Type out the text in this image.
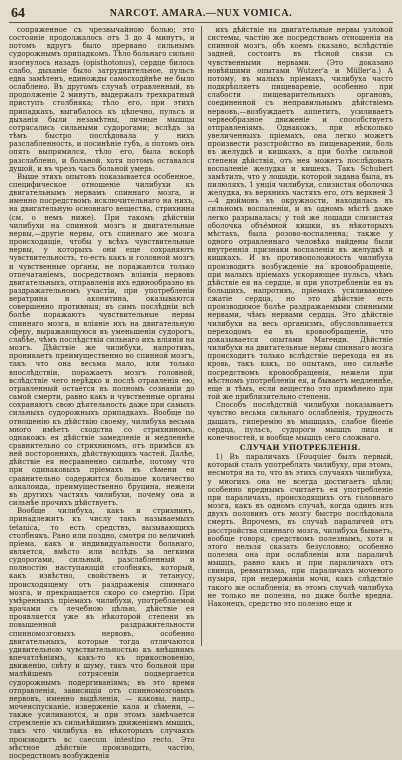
64	NARCOT. AMARA.—NUX VOMICA.

сопряженное съ чрезвычайною болью; это состояніе продолжалось отъ 3 до 4 минутъ, и потомъ вдругъ было прервано сильнымъ судорожнымъ припадкомъ. Тѣло больнаго сильно изогнулось назадъ (opisthotonus), сердце билось слабо, дыханіе было затруднительное, пульсъ едва замѣтенъ, единожды самосходйнѣе не было ослаблено. Въ другомъ случаѣ отравленный, въ продолженіе 2 минутъ, выдержалъ трехкратный приступъ столбняка; тѣло его, при этихъ припадкахъ, выгибалось къ цѣпечно, пульсъ и дыханія были незамѣтны, личные мышцы сотрясались сильными судорогами; вслѣдъ за тѣмъ быстро послѣдовала у нихъ разслабленность, и посинѣніе губъ, а потомъ онъ опять выпрямился, тѣло его, была вскорѣ разслаблено, и больной, хотя потомъ оставался душой, и въ чрезъ часъ больной умерь.

Выше этихъ опытовъ показывается особенное, специфическое отношеніе чилибухи къ двигательнымъ нервамъ спиннаго мозга, и именно посредствомъ исключительнаго на нихъ, на двигательную основнаго вещества, стрихнина (см. о немъ ниже). При такомъ дѣйствіи чилибухи на спинной мозгъ и двигательные нервы,—другіе нервы, отъ спиннаго же мозга происходящіе, чтобы у всѣхъ чувствительные нервы, у которыхъ они еще сохраняютъ чувствительность, то-есть какъ и головной мозгъ и чувственные органы, не поражаются только отпечатаніемъ, посредствомъ вліянія нервовъ двигательныхъ, отправленія ихъ единообразно въ раздражательномъ участіи, при употребленіи вератрина и аконитина, оказываются совершенно противныя; въ симъ послѣдніи всѣ болѣе поражаютъ чувствительные нервы спиннаго мозга, и вліяніе ихъ на двигательную сферу, выражающуюся въ уменьшеніи судорогъ, слабѣе, чѣмъ послѣдствія сильнаго ихъ вліянія на мозгъ. Дѣйствіе же чилибухи, напротивъ, проникаетъ преимущественно во спинной мозгъ, такъ что она весьма мало, или только впослѣдствіи, поражаетъ мозгъ головной, вслѣдствіе чего нерѣдко и послѣ отравленія ею, отравленный остается въ полномъ сознаніи до самой смерти, равно какъ и чувственные органы сохраняютъ свою дѣятельность даже при самыхъ сильныхъ судорожныхъ припадкахъ. Вообще по отношенію къ дѣйствію своему, чилибуха весьма много имѣетъ сходства со стрихниномъ, однакожъ ея дѣйствіе замедленіе и медленнѣе сравнительно со стрихниномъ, отъ примѣси къ ней постороннихъ, дѣйствующихъ частей. Далѣе, дѣйствіе ея несравненно сильнѣе, потому что при одинаковыхъ пріемахъ въ сѣмени ея сравнительно содержится большое количество алкалоида, преимущественно бруцина, нежели въ другихъ частяхъ чилибухи, почему она и сильнѣе прочихъ дѣйствуетъ.

Вообще чилибуха, какъ и стрихнинъ, принадлежитъ къ числу такъ называемыхъ tetanica, то есть средствъ, вызывающихъ столбнякъ. Рано или поздно, смотря по величинѣ пріема, какъ и индивидуальности больнаго, является, вмѣсто или вслѣдъ за легкими судорогами, сильный, разслабленный и полностію наступающій столбнякъ, который, какъ извѣстно, свойственъ и тетанусу, происходящему отъ раздраженія спиннаго мозга, и прекращается скоро со смертію. При умѣренныхъ пріемахъ чилибухи, употребляемой врачами съ лечебною цѣлью, дѣйствіе ея проявляется уже въ нѣкоторой степени въ повышенной раздражительности спинномозговыхъ нервовъ, особенно двигательныхъ, которые тогда отличаются удивительною чувствительностью къ внѣшнимъ впечатлѣніямъ, какъ-то къ прикосновенію, движенію, свѣту и шуму, такъ что больной при малѣйшемъ сотрясеніи подвергается судорожнымъ подергиваніямъ; въ это время отправленія, зависящія отъ спинномозговыхъ нервовъ, именно выдѣленія, — каковы, напр., мочеиспусканіе, изверженіе кала и сѣмени, — также усиливаются, и при этомъ замѣчается стремленіе къ сильнѣйшимъ движеніямъ мышцъ, такъ что чилибуха въ нѣкоторыхъ случаяхъ производитъ вс caecum intestino recto. Это мѣстное дѣйствіе производить, частію, посредствомъ возбужденія

ихъ дѣйствіе на двигательные нервы узловой системы, частію же посредствомъ отношенія на спинной мозгъ, объ коемъ сказано, вслѣдствіе задней, состоитъ въ тѣсной связи съ чувственными нервами. (Это доказано новѣйшими опытами Wutzer'а и Müller'а.) А потому, въ малыхъ пріемахъ, чилибуха часто подкрѣпляетъ пищевареніе, особенно при слабости пищеварительныхъ органовъ, соединенной съ неправильнымъ дѣйствіемъ нервовъ,—возбуждаетъ аппетитъ, усиливаетъ червеобразное движеніе и способствуетъ отправленіямъ. Однакожъ, при нѣсколько увеличенныхъ пріемахъ, она легко можетъ произвести разстройство въ пищеварении, боль въ желудкѣ и кишкахъ, а при болѣе сильной степени дѣйствія, отъ нея можетъ послѣдовать воспаленіе желудка и кишекъ. Такъ Schubert замѣтилъ, что у лошади, которой задана была, въ пилюляхъ, 1 унція чилибухи, слизистая оболочка желудка, въ верхнихъ частяхъ его, отъ верхней 3—4 дюймовъ въ окружности, находилась въ сильномъ воспаленіи, и въ одномъ мѣстѣ даже легко разрывалась; у той же лошади слизистая оболочка объёмной кишки, въ нѣкоторыхъ мѣстахъ, была розово-воспаленна; также у одного отравленнаго человѣка найдены были внутреннія признаки воспаленія въ желудкѣ и кишкахъ. И въ противоположность чилибуха производитъ возбужденіе на кровообращеніе, при малыхъ пріемахъ ускоряющее пульсъ, чѣмъ дѣйствіе ея на сердце, и при употребленіи ея въ большихъ, напротивъ, пріемахъ усиливающее сжатіе сердца, но это дѣйствіе есть производимое болѣе раздражаемыми спинными нервами, чѣмъ нервами сердца. Это дѣйствіе чилибухи на весь организмъ, обусловливается переходомъ ея въ кровообращеніе, что доказывается опытами Магенди. Дѣйствіе чилибухи на двигательные нервы спиннаго мозга происходитъ только вслѣдствіе перехода ея въ кровь, такъ какъ, по опытамъ, оно сильнѣе посредствомъ кровообращенія, нежели при мѣстномъ употребленіи ея, и бываетъ медленнѣе, еще и тѣмъ, если вещество это примѣнено при той же приблизительно степени.

Способъ послѣдствій чилибухи показываетъ чувство весьма сильнаго ослабленія, трудность дышать, гиперемію въ мышцахъ, слабое біеніе сердца, пульсъ, судороги мышцъ лица и конечностей, и вообще мышцъ сего сложнаго.

СЛУЧАИ УПОТРЕБЛЕНІЯ.

1) Въ параличахъ (Fouquier былъ первый, который сталъ употреблять чилибуху, при этомъ, несмотря на то, что въ этихъ случаяхъ чилибуха, у многихъ она не всегда достигаетъ цѣли; особенно вреднымъ считаетъ ея употребленіе при параличахъ, происходящихъ отъ головнаго мозга, какъ въ одномъ случаѣ, когда одинъ изъ двухъ половинъ отъ мозгу быстро послѣдовала смерть. Впрочемъ, въ случаѣ параличей отъ расстройства спиннаго мозга, чилибуха бываетъ, вообще говоря, средствомъ полезнымъ, хотя и этого нельзя сказать безусловно; особенно полезна она при ослабленіи или параличѣ мышцъ, равно какъ и при параличахъ отъ свинца, ревматизма, при параличахъ мочевого пузыря, при недержаніи мочи, какъ слѣдствіе такого же ослабленія; въ этомъ случаѣ чилибуха не только не полезна, но даже болѣе вредна. Наконецъ, средство это полезно еще и
